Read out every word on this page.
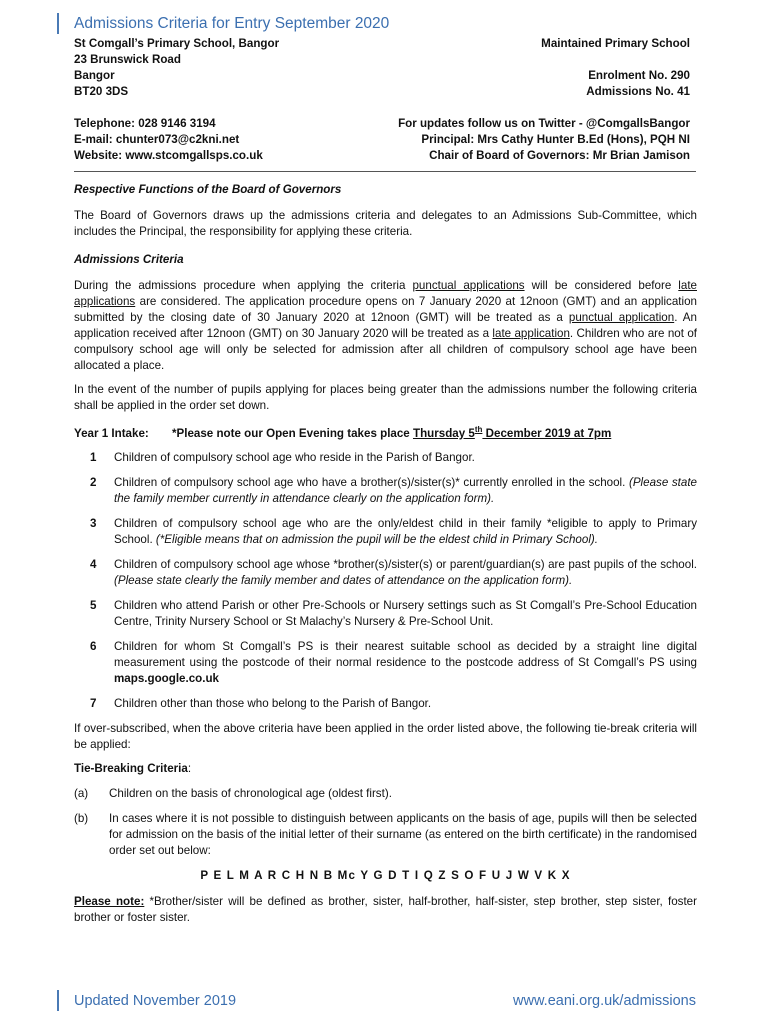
Admissions Criteria for Entry September 2020
St Comgall’s Primary School, Bangor
23 Brunswick Road
Bangor
BT20 3DS
Maintained Primary School
Enrolment No. 290
Admissions No. 41
Telephone: 028 9146 3194
E-mail: chunter073@c2kni.net
Website: www.stcomgallsps.co.uk
For updates follow us on Twitter - @ComgallsBangor
Principal: Mrs Cathy Hunter B.Ed (Hons), PQH NI
Chair of Board of Governors: Mr Brian Jamison
Respective Functions of the Board of Governors

The Board of Governors draws up the admissions criteria and delegates to an Admissions Sub-Committee, which includes the Principal, the responsibility for applying these criteria.

Admissions Criteria

During the admissions procedure when applying the criteria punctual applications will be considered before late applications are considered. The application procedure opens on 7 January 2020 at 12noon (GMT) and an application submitted by the closing date of 30 January 2020 at 12noon (GMT) will be treated as a punctual application. An application received after 12noon (GMT) on 30 January 2020 will be treated as a late application. Children who are not of compulsory school age will only be selected for admission after all children of compulsory school age have been allocated a place.

In the event of the number of pupils applying for places being greater than the admissions number the following criteria shall be applied in the order set down.

Year 1 Intake: *Please note our Open Evening takes place Thursday 5th December 2019 at 7pm
1 Children of compulsory school age who reside in the Parish of Bangor.
2 Children of compulsory school age who have a brother(s)/sister(s)* currently enrolled in the school. (Please state the family member currently in attendance clearly on the application form).
3 Children of compulsory school age who are the only/eldest child in their family *eligible to apply to Primary School. (*Eligible means that on admission the pupil will be the eldest child in Primary School).
4 Children of compulsory school age whose *brother(s)/sister(s) or parent/guardian(s) are past pupils of the school. (Please state clearly the family member and dates of attendance on the application form).
5 Children who attend Parish or other Pre-Schools or Nursery settings such as St Comgall’s Pre-School Education Centre, Trinity Nursery School or St Malachy’s Nursery & Pre-School Unit.
6 Children for whom St Comgall’s PS is their nearest suitable school as decided by a straight line digital measurement using the postcode of their normal residence to the postcode address of St Comgall’s PS using maps.google.co.uk
7 Children other than those who belong to the Parish of Bangor.

If over-subscribed, when the above criteria have been applied in the order listed above, the following tie-break criteria will be applied:

Tie-Breaking Criteria:
(a) Children on the basis of chronological age (oldest first).
(b) In cases where it is not possible to distinguish between applicants on the basis of age, pupils will then be selected for admission on the basis of the initial letter of their surname (as entered on the birth certificate) in the randomised order set out below:
P E L M A R C H N B Mc Y G D T I Q Z S O F U J W V K X

Please note: *Brother/sister will be defined as brother, sister, half-brother, half-sister, step brother, step sister, foster brother or foster sister.

Updated November 2019	www.eani.org.uk/admissions
